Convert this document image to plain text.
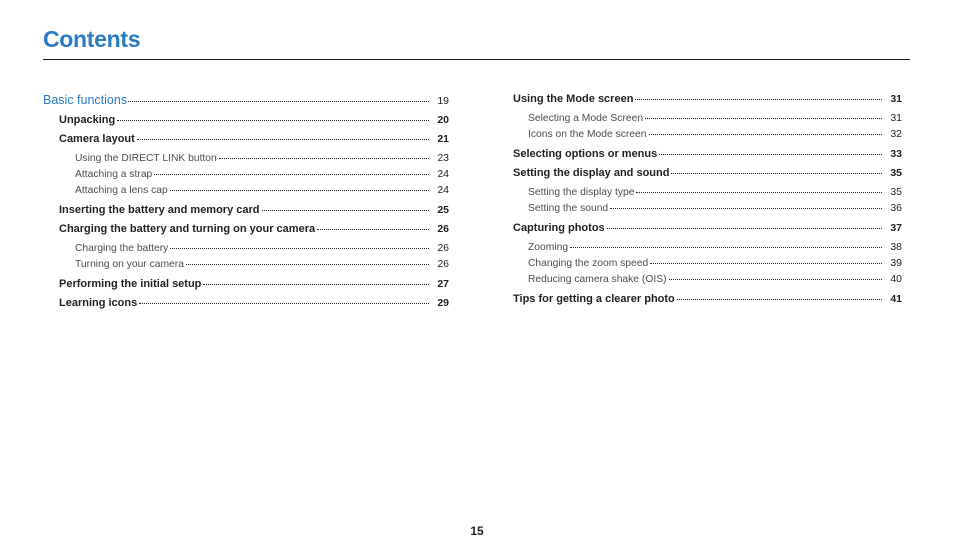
Contents
Basic functions	19
Unpacking	20
Camera layout	21
Using the DIRECT LINK button	23
Attaching a strap	24
Attaching a lens cap	24
Inserting the battery and memory card	25
Charging the battery and turning on your camera	26
Charging the battery	26
Turning on your camera	26
Performing the initial setup	27
Learning icons	29
Using the Mode screen	31
Selecting a Mode Screen	31
Icons on the Mode screen	32
Selecting options or menus	33
Setting the display and sound	35
Setting the display type	35
Setting the sound	36
Capturing photos	37
Zooming	38
Changing the zoom speed	39
Reducing camera shake (OIS)	40
Tips for getting a clearer photo	41
15
